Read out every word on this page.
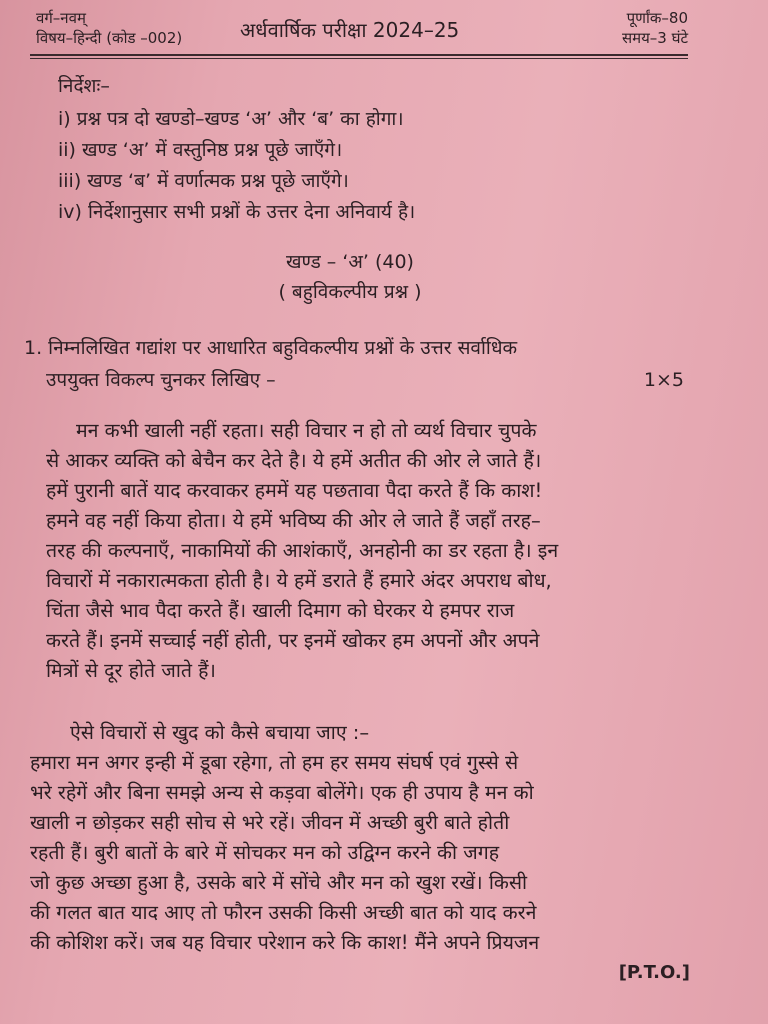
वर्ग–नवम्
विषय–हिन्दी (कोड –002)	अर्धवार्षिक परीक्षा 2024–25	पूर्णांक–80
समय–3 घंटे
निर्देशः–
i) प्रश्न पत्र दो खण्डो–खण्ड ‘अ’ और ‘ब’ का होगा।
ii) खण्ड ‘अ’ में वस्तुनिष्ठ प्रश्न पूछे जाएँगे।
iii) खण्ड ‘ब’ में वर्णात्मक प्रश्न पूछे जाएँगे।
iv) निर्देशानुसार सभी प्रश्नों के उत्तर देना अनिवार्य है।
खण्ड – ‘अ’ (40)
( बहुविकल्पीय प्रश्न )
1. निम्नलिखित गद्यांश पर आधारित बहुविकल्पीय प्रश्नों के उत्तर सर्वाधिक
उपयुक्त विकल्प चुनकर लिखिए –	1×5
मन कभी खाली नहीं रहता। सही विचार न हो तो व्यर्थ विचार चुपके
से आकर व्यक्ति को बेचैन कर देते है। ये हमें अतीत की ओर ले जाते हैं।
हमें पुरानी बातें याद करवाकर हममें यह पछतावा पैदा करते हैं कि काश!
हमने वह नहीं किया होता। ये हमें भविष्य की ओर ले जाते हैं जहाँ तरह–
तरह की कल्पनाएँ, नाकामियों की आशंकाएँ, अनहोनी का डर रहता है। इन
विचारों में नकारात्मकता होती है। ये हमें डराते हैं हमारे अंदर अपराध बोध,
चिंता जैसे भाव पैदा करते हैं। खाली दिमाग को घेरकर ये हमपर राज
करते हैं। इनमें सच्चाई नहीं होती, पर इनमें खोकर हम अपनों और अपने
मित्रों से दूर होते जाते हैं।
ऐसे विचारों से खुद को कैसे बचाया जाए :–
हमारा मन अगर इन्ही में डूबा रहेगा, तो हम हर समय संघर्ष एवं गुस्से से
भरे रहेगें और बिना समझे अन्य से कड़वा बोलेंगे। एक ही उपाय है मन को
खाली न छोड़कर सही सोच से भरे रहें। जीवन में अच्छी बुरी बाते होती
रहती हैं। बुरी बातों के बारे में सोचकर मन को उद्विग्न करने की जगह
जो कुछ अच्छा हुआ है, उसके बारे में सोंचे और मन को खुश रखें। किसी
की गलत बात याद आए तो फौरन उसकी किसी अच्छी बात को याद करने
की कोशिश करें। जब यह विचार परेशान करे कि काश! मैंने अपने प्रियजन
[P.T.O.]
